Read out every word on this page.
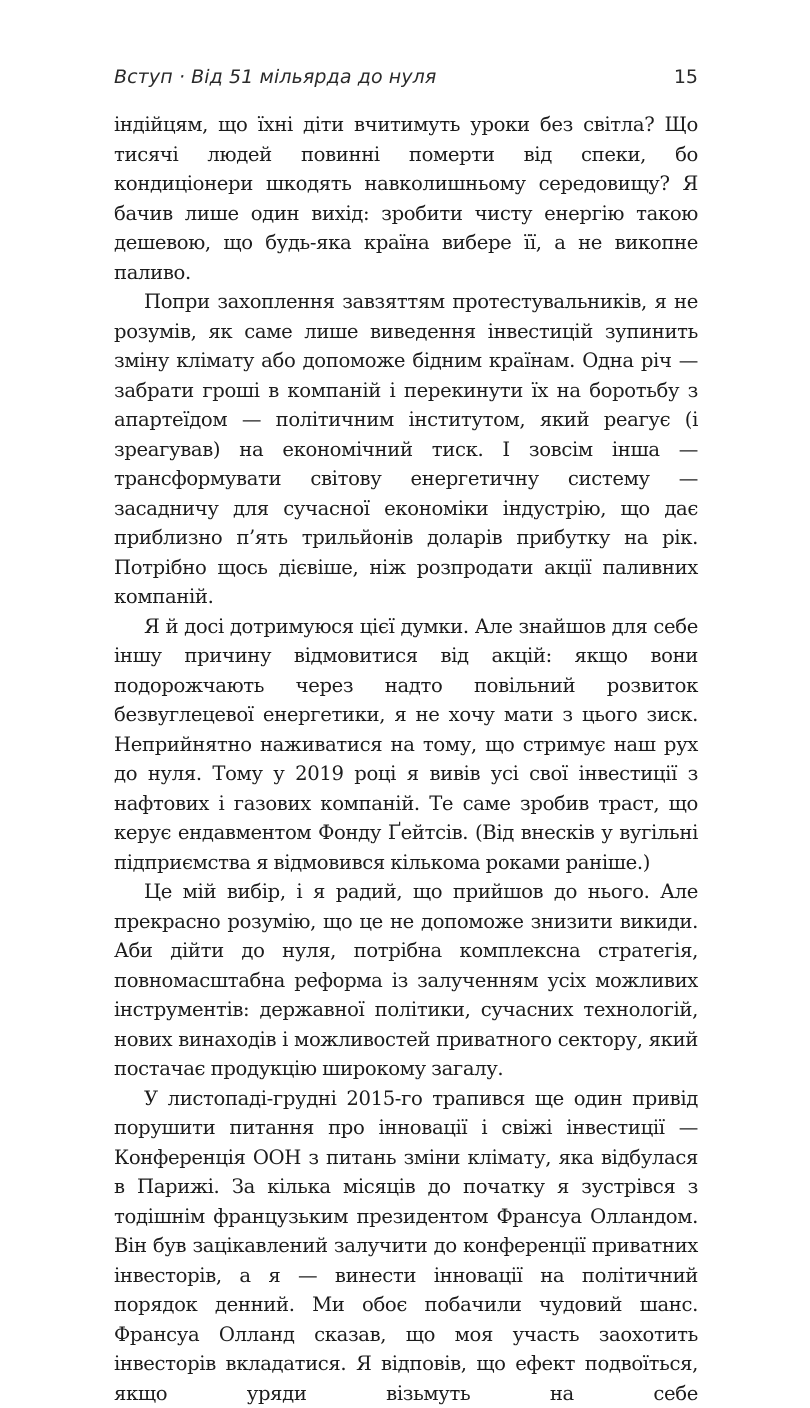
Вступ · Від 51 мільярда до нуля	15

індійцям, що їхні діти вчитимуть уроки без світла? Що тисячі людей повинні померти від спеки, бо кондиціонери шкодять навколишньому середовищу? Я бачив лише один вихід: зробити чисту енергію такою дешевою, що будь-яка країна вибере її, а не викопне паливо.

Попри захоплення завзяттям протестувальників, я не розумів, як саме лише виведення інвестицій зупинить зміну клімату або допоможе бідним країнам. Одна річ — забрати гроші в компаній і перекинути їх на боротьбу з апартеїдом — політичним інститутом, який реагує (і зреагував) на економічний тиск. І зовсім інша — трансформувати світову енергетичну систему — засадничу для сучасної економіки індустрію, що дає приблизно п’ять трильйонів доларів прибутку на рік. Потрібно щось дієвіше, ніж розпродати акції паливних компаній.

Я й досі дотримуюся цієї думки. Але знайшов для себе іншу причину відмовитися від акцій: якщо вони подорожчають через надто повільний розвиток безвуглецевої енергетики, я не хочу мати з цього зиск. Неприйнятно наживатися на тому, що стримує наш рух до нуля. Тому у 2019 році я вивів усі свої інвестиції з нафтових і газових компаній. Те саме зробив траст, що керує ендавментом Фонду Ґейтсів. (Від внесків у вугільні підприємства я відмовився кількома роками раніше.)

Це мій вибір, і я радий, що прийшов до нього. Але прекрасно розумію, що це не допоможе знизити викиди. Аби дійти до нуля, потрібна комплексна стратегія, повномасштабна реформа із залученням усіх можливих інструментів: державної політики, сучасних технологій, нових винаходів і можливостей приватного сектору, який постачає продукцію широкому загалу.

У листопаді-грудні 2015-го трапився ще один привід порушити питання про інновації і свіжі інвестиції — Конференція ООН з питань зміни клімату, яка відбулася в Парижі. За кілька місяців до початку я зустрівся з тодішнім французьким президентом Франсуа Олландом. Він був зацікавлений залучити до конференції приватних інвесторів, а я — винести інновації на політичний порядок денний. Ми обоє побачили чудовий шанс. Франсуа Олланд сказав, що моя участь заохотить інвесторів вкладатися. Я відповів, що ефект подвоїться, якщо уряди візьмуть на себе
